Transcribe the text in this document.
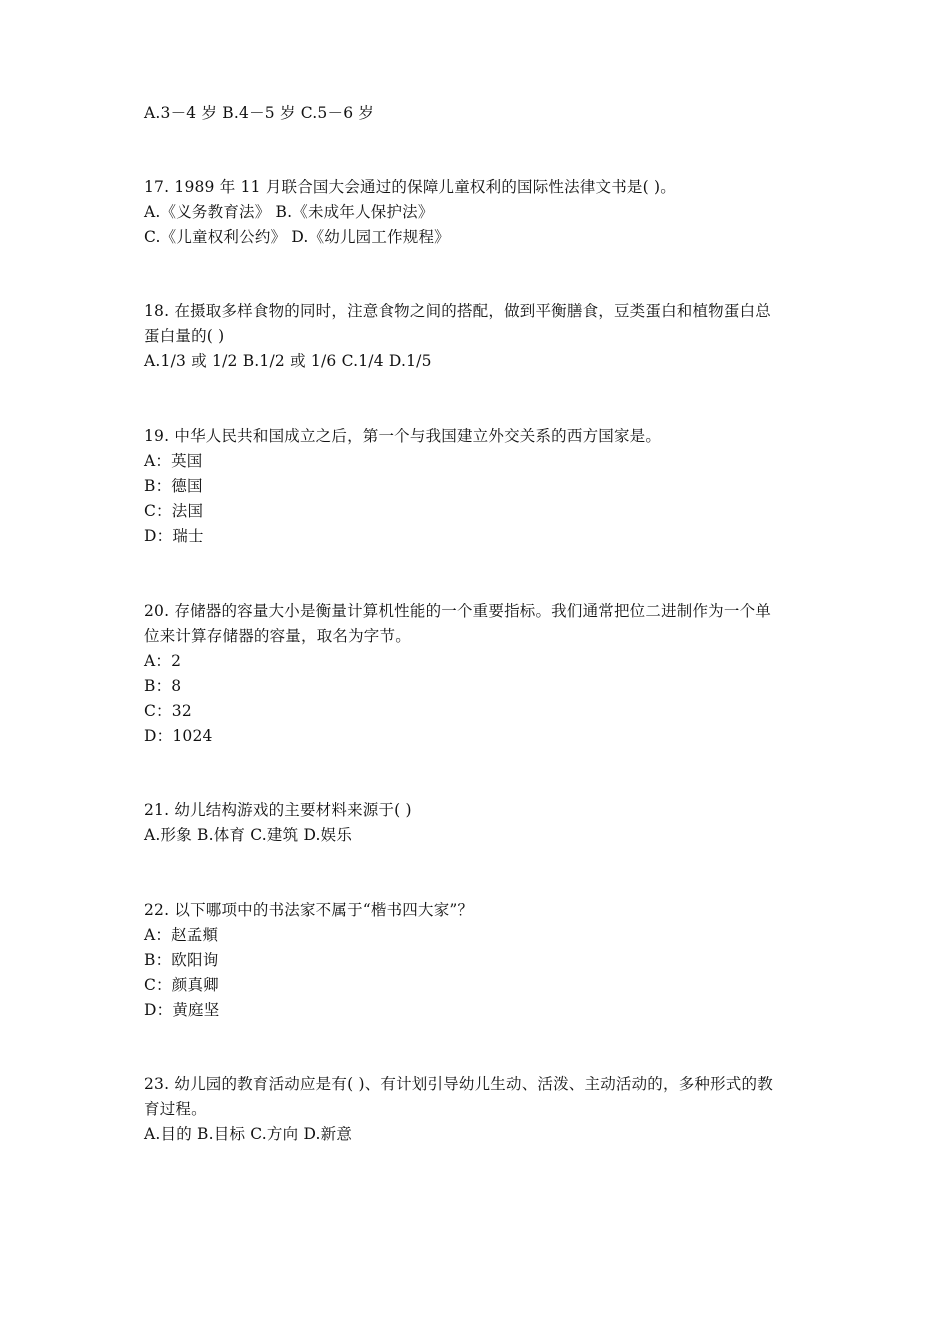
A.3－4 岁 B.4－5 岁 C.5－6 岁
17. 1989 年 11 月联合国大会通过的保障儿童权利的国际性法律文书是( )。
A.《义务教育法》 B.《未成年人保护法》
C.《儿童权利公约》 D.《幼儿园工作规程》
18. 在摄取多样食物的同时，注意食物之间的搭配，做到平衡膳食，豆类蛋白和植物蛋白总
蛋白量的( )
A.1/3 或 1/2 B.1/2 或 1/6 C.1/4 D.1/5
19. 中华人民共和国成立之后，第一个与我国建立外交关系的西方国家是。
A：英国
B：德国
C：法国
D：瑞士
20. 存储器的容量大小是衡量计算机性能的一个重要指标。我们通常把位二进制作为一个单
位来计算存储器的容量，取名为字节。
A：2
B：8
C：32
D：1024
21. 幼儿结构游戏的主要材料来源于( )
A.形象 B.体育 C.建筑 D.娱乐
22. 以下哪项中的书法家不属于“楷书四大家”？
A：赵孟頫
B：欧阳询
C：颜真卿
D：黄庭坚
23. 幼儿园的教育活动应是有( )、有计划引导幼儿生动、活泼、主动活动的，多种形式的教
育过程。
A.目的 B.目标 C.方向 D.新意
